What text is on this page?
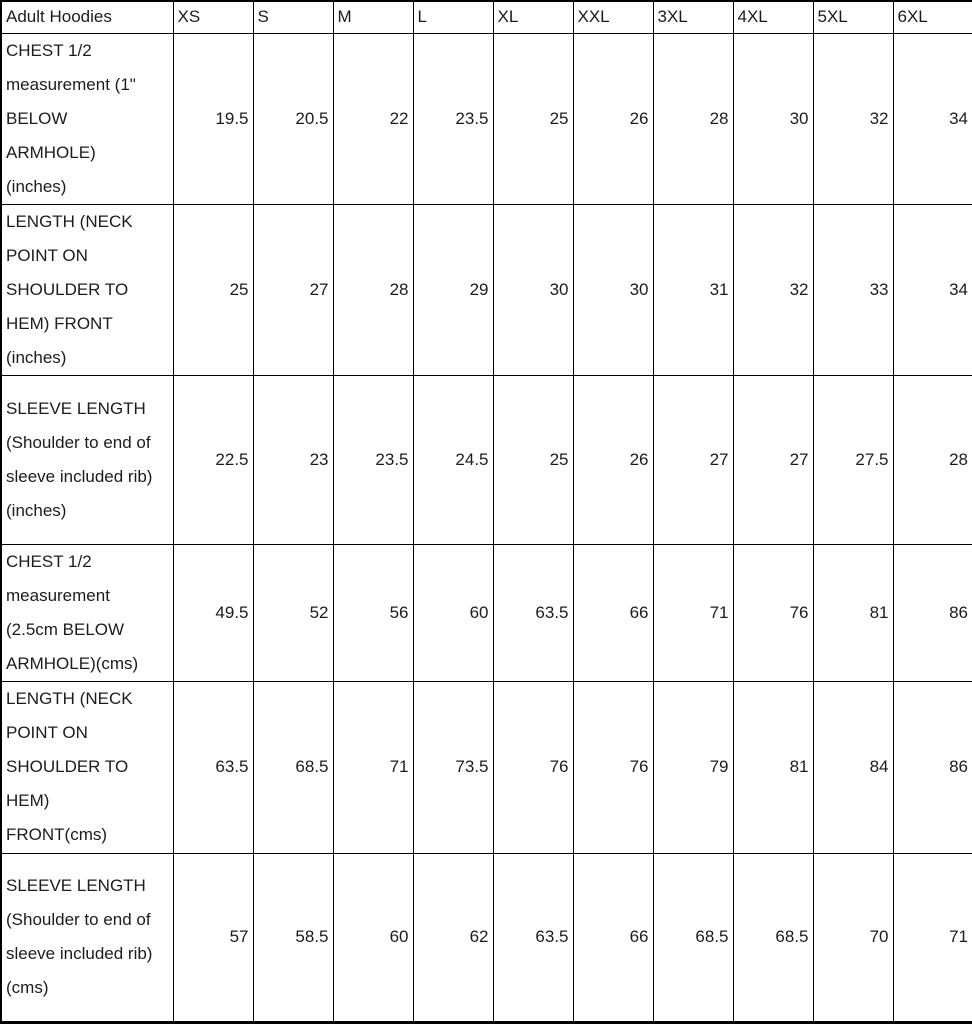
Adult Hoodies	XS	S	M	L	XL	XXL	3XL	4XL	5XL	6XL
CHEST 1/2 measurement (1" BELOW ARMHOLE) (inches)	19.5	20.5	22	23.5	25	26	28	30	32	34
LENGTH (NECK POINT ON SHOULDER TO HEM) FRONT (inches)	25	27	28	29	30	30	31	32	33	34
SLEEVE LENGTH (Shoulder to end of sleeve included rib) (inches)	22.5	23	23.5	24.5	25	26	27	27	27.5	28
CHEST 1/2 measurement (2.5cm BELOW ARMHOLE)(cms)	49.5	52	56	60	63.5	66	71	76	81	86
LENGTH (NECK POINT ON SHOULDER TO HEM) FRONT(cms)	63.5	68.5	71	73.5	76	76	79	81	84	86
SLEEVE LENGTH (Shoulder to end of sleeve included rib) (cms)	57	58.5	60	62	63.5	66	68.5	68.5	70	71
